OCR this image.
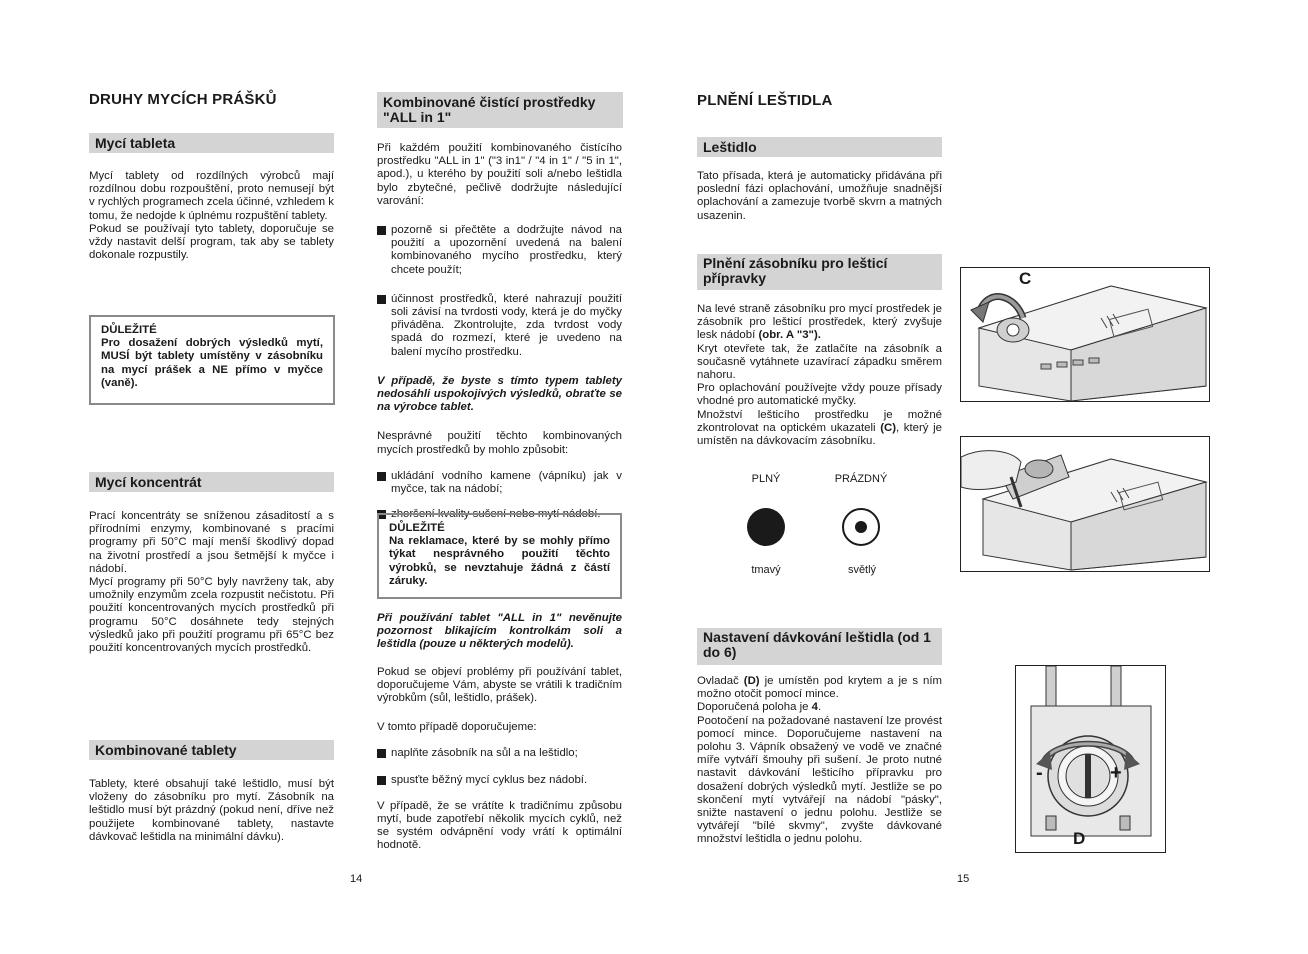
DRUHY MYCÍCH PRÁŠKŮ
Mycí tableta

Mycí tablety od rozdílných výrobců mají rozdílnou dobu rozpouštění, proto nemusejí být v rychlých programech zcela účinné, vzhledem k tomu, že nedojde k úplnému rozpuštění tablety.

Pokud se používají tyto tablety, doporučuje se vždy nastavit delší program, tak aby se tablety dokonale rozpustily.

DŮLEŽITÉ
Pro dosažení dobrých výsledků mytí, MUSÍ být tablety umístěny v zásobníku na mycí prášek a NE přímo v myčce (vaně).
Mycí koncentrát

Prací koncentráty se sníženou zásaditostí a s přírodními enzymy, kombinované s pracími programy při 50°C mají menší škodlivý dopad na životní prostředí a jsou šetmější k myčce i nádobí.

Mycí programy při 50°C byly navrženy tak, aby umožnily enzymům zcela rozpustit nečistotu. Při použití koncentrovaných mycích prostředků při programu 50°C dosáhnete tedy stejných výsledků jako při použití programu při 65°C bez použití koncentrovaných mycích prostředků.

Kombinované tablety

Tablety, které obsahují také leštidlo, musí být vloženy do zásobníku pro mytí. Zásobník na leštidlo musí být prázdný (pokud není, dříve než použijete kombinované tablety, nastavte dávkovač leštidla na minimální dávku).

14
Kombinované čistící prostředky "ALL in 1"

Při každém použití kombinovaného čistícího prostředku "ALL in 1" ("3 in1" / "4 in 1" / "5 in 1", apod.), u kterého by použití soli a/nebo leštidla bylo zbytečné, pečlivě dodržujte následující varování:

pozorně si přečtěte a dodržujte návod na použití a upozornění uvedená na balení kombinovaného mycího prostředku, který chcete použít;

účinnost prostředků, které nahrazují použití soli závisí na tvrdosti vody, která je do myčky přiváděna. Zkontrolujte, zda tvrdost vody spadá do rozmezí, které je uvedeno na balení mycího prostředku.

V případě, že byste s tímto typem tablety nedosáhli uspokojivých výsledků, obraťte se na výrobce tablet.

Nesprávné použití těchto kombinovaných mycích prostředků by mohlo způsobit:

ukládání vodního kamene (vápníku) jak v myčce, tak na nádobí;

zhoršení kvality sušení nebo mytí nádobí.

DŮLEŽITÉ
Na reklamace, které by se mohly přímo týkat nesprávného použití těchto výrobků, se nevztahuje žádná z částí záruky.

Při používání tablet "ALL in 1" nevěnujte pozornost blikajícím kontrolkám soli a leštidla (pouze u některých modelů).

Pokud se objeví problémy při používání tablet, doporučujeme Vám, abyste se vrátili k tradičním výrobkům (sůl, leštidlo, prášek).

V tomto případě doporučujeme:

naplňte zásobník na sůl a na leštidlo;

spusťte běžný mycí cyklus bez nádobí.

V případě, že se vrátíte k tradičnímu způsobu mytí, bude zapotřebí několik mycích cyklů, než se systém odvápnění vody vrátí k optimální hodnotě.

PLNĚNÍ LEŠTIDLA
Leštidlo

Tato přísada, která je automaticky přidávána při poslední fázi oplachování, umožňuje snadnější oplachování a zamezuje tvorbě skvrn a matných usazenin.

Plnění zásobníku pro lešticí přípravky

Na levé straně zásobníku pro mycí prostředek je zásobník pro lešticí prostředek, který zvyšuje lesk nádobí (obr. A "3").

Kryt otevřete tak, že zatlačíte na zásobník a současně vytáhnete uzavírací západku směrem nahoru.

Pro oplachování používejte vždy pouze přísady vhodné pro automatické myčky.

Množství lešticího prostředku je možné zkontrolovat na optickém ukazateli (C), který je umístěn na dávkovacím zásobníku.

PLNÝ	PRÁZDNÝ
tmavý	světlý
Nastavení dávkování leštidla (od 1 do 6)

Ovladač (D) je umístěn pod krytem a je s ním možno otočit pomocí mince.

Doporučená poloha je 4.

Pootočení na požadované nastavení lze provést pomocí mince. Doporučujeme nastavení na polohu 3. Vápník obsažený ve vodě ve značné míře vytváří šmouhy při sušení. Je proto nutné nastavit dávkování lešticího přípravku pro dosažení dobrých výsledků mytí. Jestliže se po skončení mytí vytvářejí na nádobí "pásky", snižte nastavení o jednu polohu. Jestliže se vytvářejí "bílé skvmy", zvyšte dávkované množství leštidla o jednu polohu.

15
C
-	+
D
